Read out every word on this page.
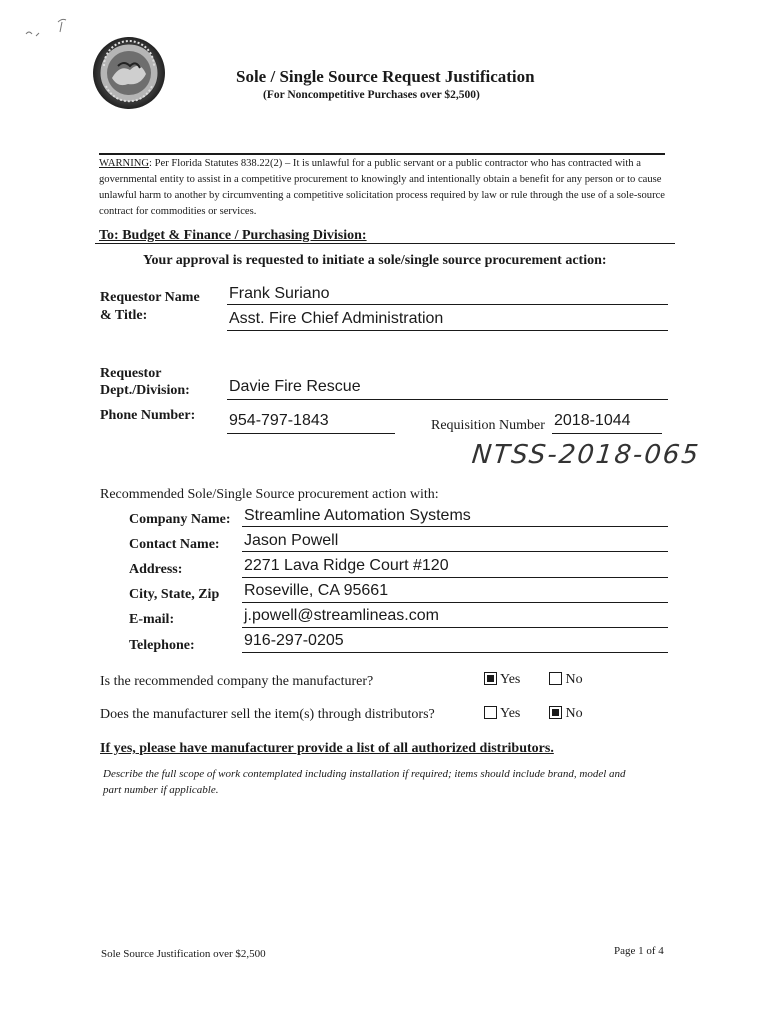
Sole / Single Source Request Justification
(For Noncompetitive Purchases over $2,500)
WARNING: Per Florida Statutes 838.22(2) – It is unlawful for a public servant or a public contractor who has contracted with a governmental entity to assist in a competitive procurement to knowingly and intentionally obtain a benefit for any person or to cause unlawful harm to another by circumventing a competitive solicitation process required by law or rule through the use of a sole-source contract for commodities or services.
To: Budget & Finance / Purchasing Division:
Your approval is requested to initiate a sole/single source procurement action:
Requestor Name
& Title:
Frank Suriano
Asst. Fire Chief Administration
Requestor
Dept./Division: Davie Fire Rescue
Phone Number: 954-797-1843	Requisition Number 2018-1044
NTSS-2018-065
Recommended Sole/Single Source procurement action with:
Company Name: Streamline Automation Systems
Contact Name: Jason Powell
Address:	2271 Lava Ridge Court #120
City, State, Zip Roseville, CA 95661
E-mail:	j.powell@streamlineas.com
Telephone:	916-297-0205
Is the recommended company the manufacturer?	Yes	No
Does the manufacturer sell the item(s) through distributors?	Yes	No
If yes, please have manufacturer provide a list of all authorized distributors.
Describe the full scope of work contemplated including installation if required; items should include brand, model and part number if applicable.
Sole Source Justification over $2,500	Page 1 of 4
